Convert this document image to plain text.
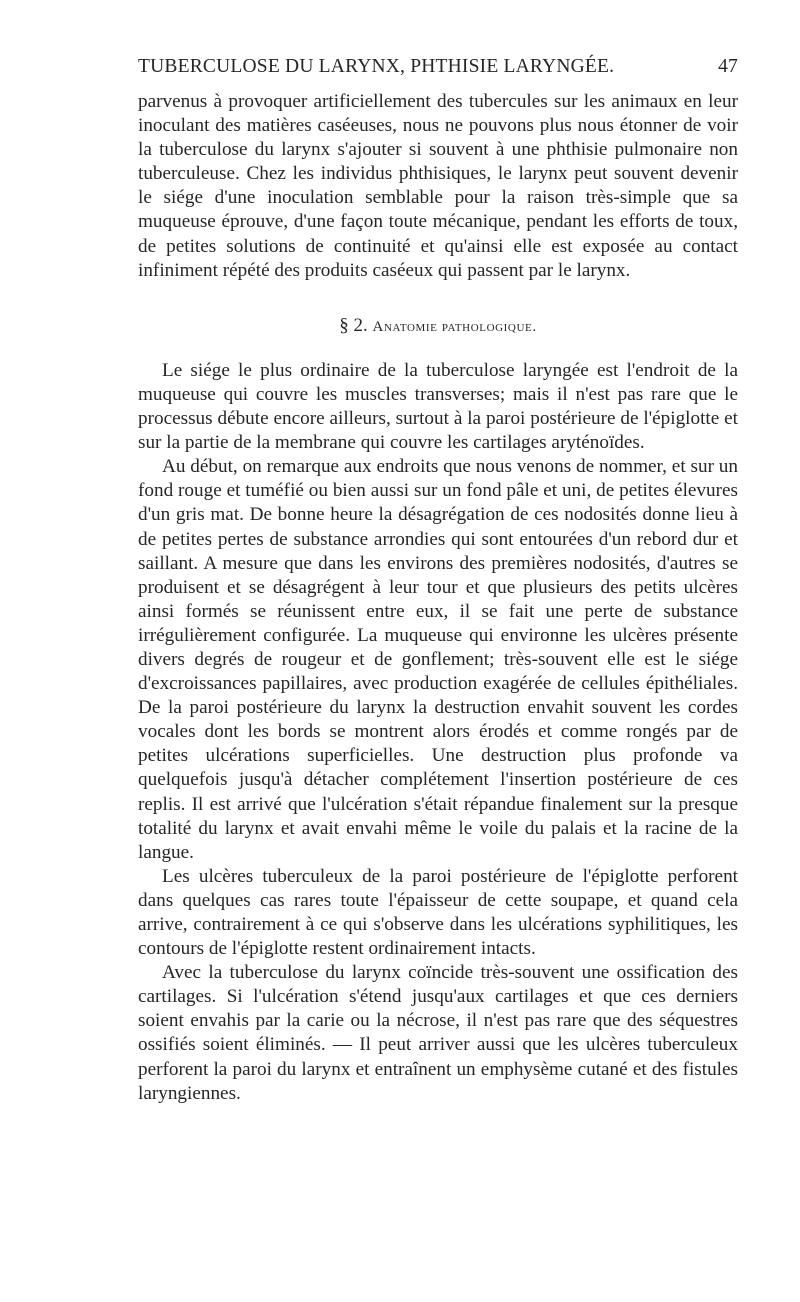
TUBERCULOSE DU LARYNX, PHTHISIE LARYNGÉE.	47

parvenus à provoquer artificiellement des tubercules sur les animaux en leur inoculant des matières caséeuses, nous ne pouvons plus nous étonner de voir la tuberculose du larynx s'ajouter si souvent à une phthisie pulmonaire non tuberculeuse. Chez les individus phthisiques, le larynx peut souvent devenir le siége d'une inoculation semblable pour la raison très-simple que sa muqueuse éprouve, d'une façon toute mécanique, pendant les efforts de toux, de petites solutions de continuité et qu'ainsi elle est exposée au contact infiniment répété des produits caséeux qui passent par le larynx.

§ 2. Anatomie pathologique.

Le siége le plus ordinaire de la tuberculose laryngée est l'endroit de la muqueuse qui couvre les muscles transverses; mais il n'est pas rare que le processus débute encore ailleurs, surtout à la paroi postérieure de l'épiglotte et sur la partie de la membrane qui couvre les cartilages aryténoïdes.

Au début, on remarque aux endroits que nous venons de nommer, et sur un fond rouge et tuméfié ou bien aussi sur un fond pâle et uni, de petites élevures d'un gris mat. De bonne heure la désagrégation de ces nodosités donne lieu à de petites pertes de substance arrondies qui sont entourées d'un rebord dur et saillant. A mesure que dans les environs des premières nodosités, d'autres se produisent et se désagrégent à leur tour et que plusieurs des petits ulcères ainsi formés se réunissent entre eux, il se fait une perte de substance irrégulièrement configurée. La muqueuse qui environne les ulcères présente divers degrés de rougeur et de gonflement; très-souvent elle est le siége d'excroissances papillaires, avec production exagérée de cellules épithéliales. De la paroi postérieure du larynx la destruction envahit souvent les cordes vocales dont les bords se montrent alors érodés et comme rongés par de petites ulcérations superficielles. Une destruction plus profonde va quelquefois jusqu'à détacher complétement l'insertion postérieure de ces replis. Il est arrivé que l'ulcération s'était répandue finalement sur la presque totalité du larynx et avait envahi même le voile du palais et la racine de la langue.

Les ulcères tuberculeux de la paroi postérieure de l'épiglotte perforent dans quelques cas rares toute l'épaisseur de cette soupape, et quand cela arrive, contrairement à ce qui s'observe dans les ulcérations syphilitiques, les contours de l'épiglotte restent ordinairement intacts.

Avec la tuberculose du larynx coïncide très-souvent une ossification des cartilages. Si l'ulcération s'étend jusqu'aux cartilages et que ces derniers soient envahis par la carie ou la nécrose, il n'est pas rare que des séquestres ossifiés soient éliminés. — Il peut arriver aussi que les ulcères tuberculeux perforent la paroi du larynx et entraînent un emphysème cutané et des fistules laryngiennes.
